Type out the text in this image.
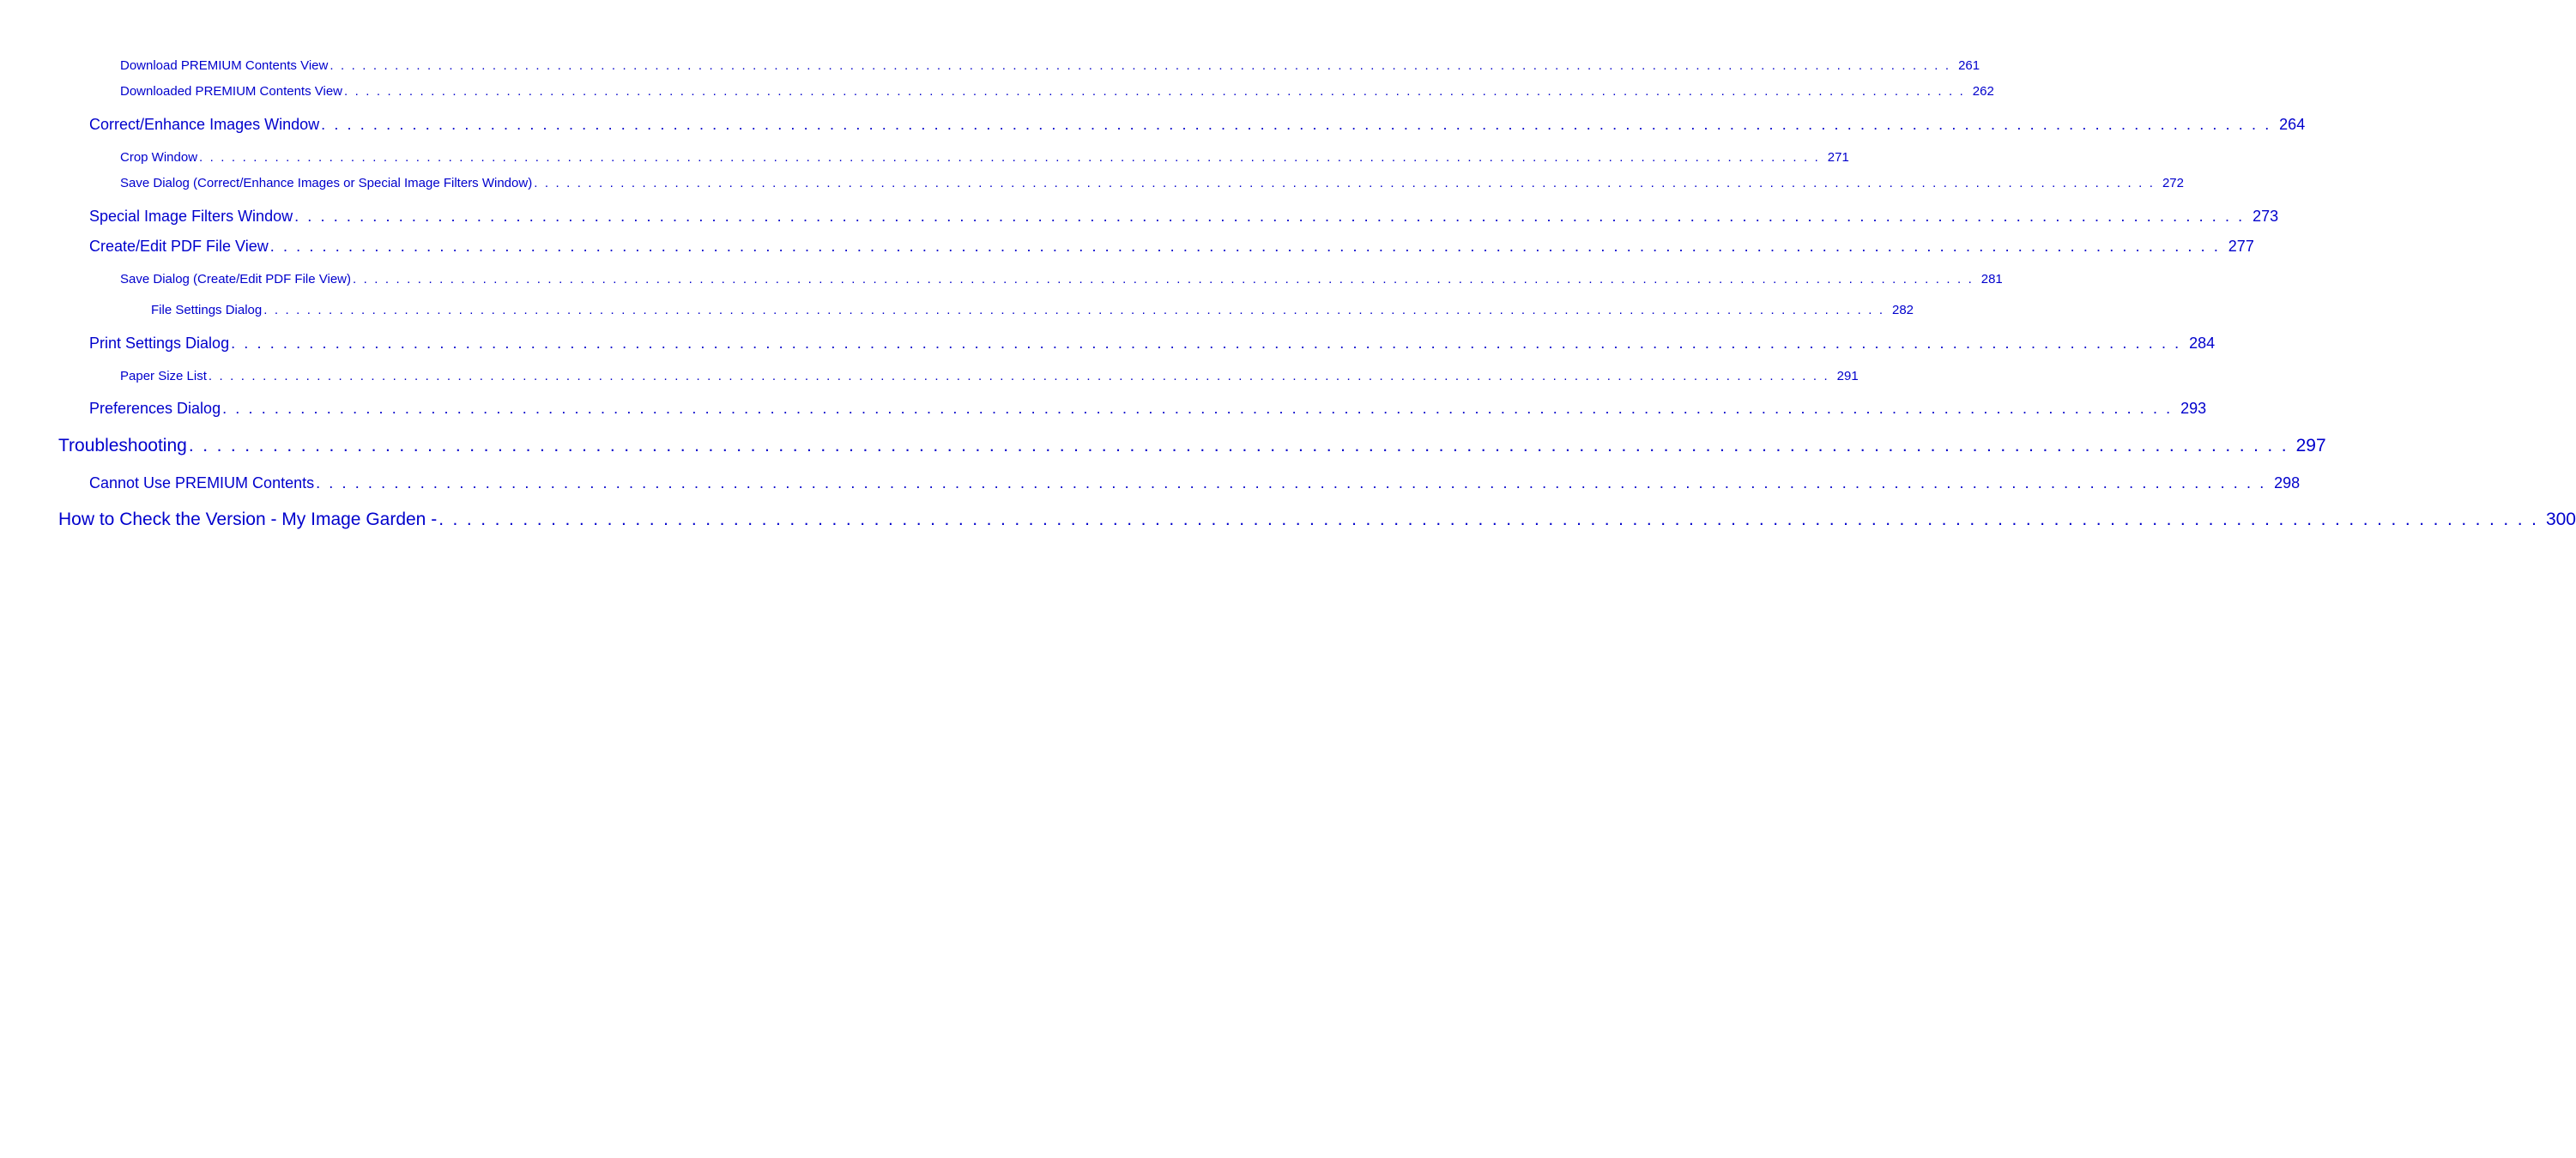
Download PREMIUM Contents View . . . . . . . . . . . . . . . . . . . . . . . . . . . . . . . . . . . . . . . . . . . . . . . . . . . . . . . . . . . . . . . . . . . . . . . . . . . . . . . . . . . . . . . . . . . . . . . . . . . . . . . . . . . . . . . . . . . . . . . . . . . . . . . . . . . . . . . . . . . . . . . . . . . . . . 261
Downloaded PREMIUM Contents View . . . . . . . . . . . . . . . . . . . . . . . . . . . . . . . . . . . . . . . . . . . . . . . . . . . . . . . . . . . . . . . . . . . . . . . . . . . . . . . . . . . . . . . . . . . . . . . . . . . . . . . . . . . . . . . . . . . . . . . . . . . . . . . . . . . . . . . . . . . . . . . . . . . . . . 262
Correct/Enhance Images Window . . . . . . . . . . . . . . . . . . . . . . . . . . . . . . . . . . . . . . . . . . . . . . . . . . . . . . . . . . . . . . . . . . . . . . . . . . . . . . . . . . . . . . . . . . . . . . . . . . . . . . . . . . . . . . . . . . . . . . . . . . . . . . . . . . . . . . . . . . . . . . . . . . . . . . 264
Crop Window . . . . . . . . . . . . . . . . . . . . . . . . . . . . . . . . . . . . . . . . . . . . . . . . . . . . . . . . . . . . . . . . . . . . . . . . . . . . . . . . . . . . . . . . . . . . . . . . . . . . . . . . . . . . . . . . . . . . . . . . . . . . . . . . . . . . . . . . . . . . . . . . . . . . . . 271
Save Dialog (Correct/Enhance Images or Special Image Filters Window) . . . . . . . . . . . . . . . . . . . . . . . . . . . . . . . . . . . . . . . . . . . . . . . . . . . . . . . . . . . . . . . . . . . . . . . . . . . . . . . . . . . . . . . . . . . . . . . . . . . . . . . . . . . . . . . . . . . . . . . . . . . . . . . . . . . . . . . . . . . . . . . . . . . . . . 272
Special Image Filters Window . . . . . . . . . . . . . . . . . . . . . . . . . . . . . . . . . . . . . . . . . . . . . . . . . . . . . . . . . . . . . . . . . . . . . . . . . . . . . . . . . . . . . . . . . . . . . . . . . . . . . . . . . . . . . . . . . . . . . . . . . . . . . . . . . . . . . . . . . . . . . . . . . . . . . . 273
Create/Edit PDF File View . . . . . . . . . . . . . . . . . . . . . . . . . . . . . . . . . . . . . . . . . . . . . . . . . . . . . . . . . . . . . . . . . . . . . . . . . . . . . . . . . . . . . . . . . . . . . . . . . . . . . . . . . . . . . . . . . . . . . . . . . . . . . . . . . . . . . . . . . . . . . . . . . . . . . . 277
Save Dialog (Create/Edit PDF File View) . . . . . . . . . . . . . . . . . . . . . . . . . . . . . . . . . . . . . . . . . . . . . . . . . . . . . . . . . . . . . . . . . . . . . . . . . . . . . . . . . . . . . . . . . . . . . . . . . . . . . . . . . . . . . . . . . . . . . . . . . . . . . . . . . . . . . . . . . . . . . . . . . . . . . . 281
File Settings Dialog . . . . . . . . . . . . . . . . . . . . . . . . . . . . . . . . . . . . . . . . . . . . . . . . . . . . . . . . . . . . . . . . . . . . . . . . . . . . . . . . . . . . . . . . . . . . . . . . . . . . . . . . . . . . . . . . . . . . . . . . . . . . . . . . . . . . . . . . . . . . . . . . . . . . . . 282
Print Settings Dialog . . . . . . . . . . . . . . . . . . . . . . . . . . . . . . . . . . . . . . . . . . . . . . . . . . . . . . . . . . . . . . . . . . . . . . . . . . . . . . . . . . . . . . . . . . . . . . . . . . . . . . . . . . . . . . . . . . . . . . . . . . . . . . . . . . . . . . . . . . . . . . . . . . . . . . 284
Paper Size List . . . . . . . . . . . . . . . . . . . . . . . . . . . . . . . . . . . . . . . . . . . . . . . . . . . . . . . . . . . . . . . . . . . . . . . . . . . . . . . . . . . . . . . . . . . . . . . . . . . . . . . . . . . . . . . . . . . . . . . . . . . . . . . . . . . . . . . . . . . . . . . . . . . . . . 291
Preferences Dialog . . . . . . . . . . . . . . . . . . . . . . . . . . . . . . . . . . . . . . . . . . . . . . . . . . . . . . . . . . . . . . . . . . . . . . . . . . . . . . . . . . . . . . . . . . . . . . . . . . . . . . . . . . . . . . . . . . . . . . . . . . . . . . . . . . . . . . . . . . . . . . . . . . . . . . 293
Troubleshooting . . . . . . . . . . . . . . . . . . . . . . . . . . . . . . . . . . . . . . . . . . . . . . . . . . . . . . . . . . . . . . . . . . . . . . . . . . . . . . . . . . . . . . . . . . . . . . . . . . . . . . . . . . . . . . . . . . . . . . . . . . . . . . . . . . . . . . . . . . . . . . . . . . . . . . 297
Cannot Use PREMIUM Contents . . . . . . . . . . . . . . . . . . . . . . . . . . . . . . . . . . . . . . . . . . . . . . . . . . . . . . . . . . . . . . . . . . . . . . . . . . . . . . . . . . . . . . . . . . . . . . . . . . . . . . . . . . . . . . . . . . . . . . . . . . . . . . . . . . . . . . . . . . . . . . . . . . . . . . 298
How to Check the Version - My Image Garden - . . . . . . . . . . . . . . . . . . . . . . . . . . . . . . . . . . . . . . . . . . . . . . . . . . . . . . . . . . . . . . . . . . . . . . . . . . . . . . . . . . . . . . . . . . . . . . . . . . . . . . . . . . . . . . . . . . . . . . . . . . . . . . . . . . . . . . . . . . . . . . . . . . . . . . 300
